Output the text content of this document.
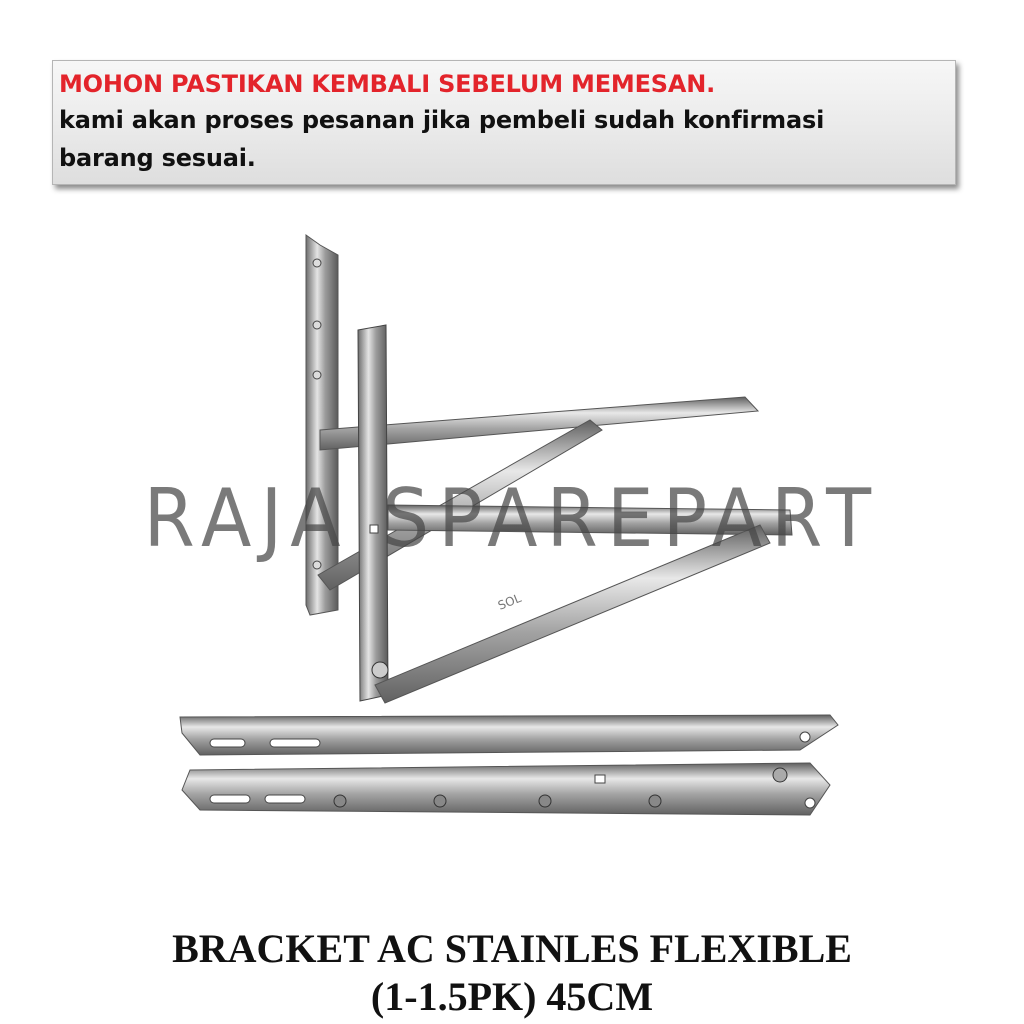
MOHON PASTIKAN KEMBALI SEBELUM MEMESAN.
kami akan proses pesanan jika pembeli sudah konfirmasi
barang sesuai.
SOL
RAJA SPAREPART
BRACKET AC STAINLES FLEXIBLE
(1-1.5PK) 45CM
